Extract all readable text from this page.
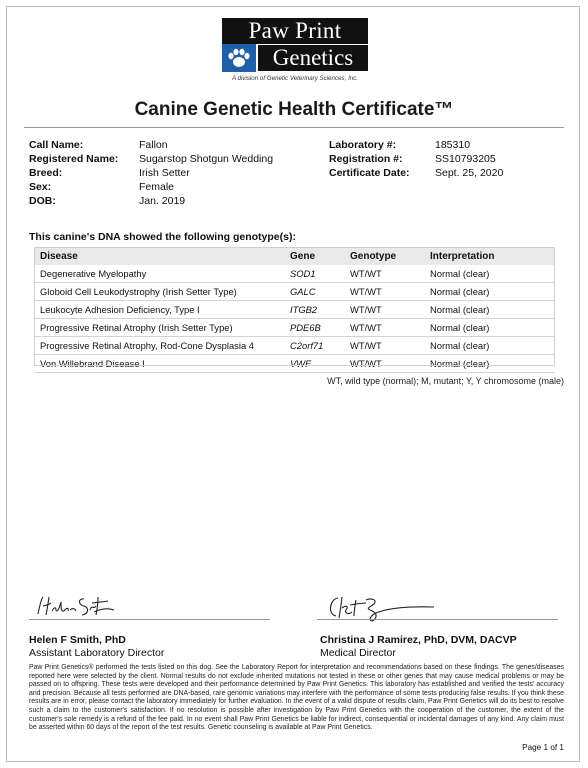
Paw Print
Genetics
A division of Genetic Veterinary Sciences, Inc.
Canine Genetic Health Certificate™
Call Name:	Fallon
Registered Name:	Sugarstop Shotgun Wedding
Breed:	Irish Setter
Sex:	Female
DOB:	Jan. 2019
Laboratory #:	185310
Registration #:	SS10793205
Certificate Date:	Sept. 25, 2020
This canine's DNA showed the following genotype(s):
Disease	Gene	Genotype	Interpretation
Degenerative Myelopathy	SOD1	WT/WT	Normal (clear)
Globoid Cell Leukodystrophy (Irish Setter Type)	GALC	WT/WT	Normal (clear)
Leukocyte Adhesion Deficiency, Type I	ITGB2	WT/WT	Normal (clear)
Progressive Retinal Atrophy (Irish Setter Type)	PDE6B	WT/WT	Normal (clear)
Progressive Retinal Atrophy, Rod-Cone Dysplasia 4	C2orf71	WT/WT	Normal (clear)
Von Willebrand Disease I	VWF	WT/WT	Normal (clear)
WT, wild type (normal); M, mutant; Y, Y chromosome (male)
Helen F Smith, PhD
Assistant Laboratory Director
Christina J Ramirez, PhD, DVM, DACVP
Medical Director
Paw Print Genetics® performed the tests listed on this dog. See the Laboratory Report for interpretation and recommendations based on these findings. The genes/diseases reported here were selected by the client. Normal results do not exclude inherited mutations not tested in these or other genes that may cause medical problems or may be passed on to offspring. These tests were developed and their performance determined by Paw Print Genetics. This laboratory has established and verified the tests' accuracy and precision. Because all tests performed are DNA-based, rare genomic variations may interfere with the performance of some tests producing false results. If you think these results are in error, please contact the laboratory immediately for further evaluation. In the event of a valid dispute of results claim, Paw Print Genetics will do its best to resolve such a claim to the customer's satisfaction. If no resolution is possible after investigation by Paw Print Genetics with the cooperation of the customer, the extent of the customer's sole remedy is a refund of the fee paid. In no event shall Paw Print Genetics be liable for indirect, consequential or incidental damages of any kind. Any claim must be asserted within 60 days of the report of the test results. Genetic counseling is available at Paw Print Genetics.
Page 1 of 1
